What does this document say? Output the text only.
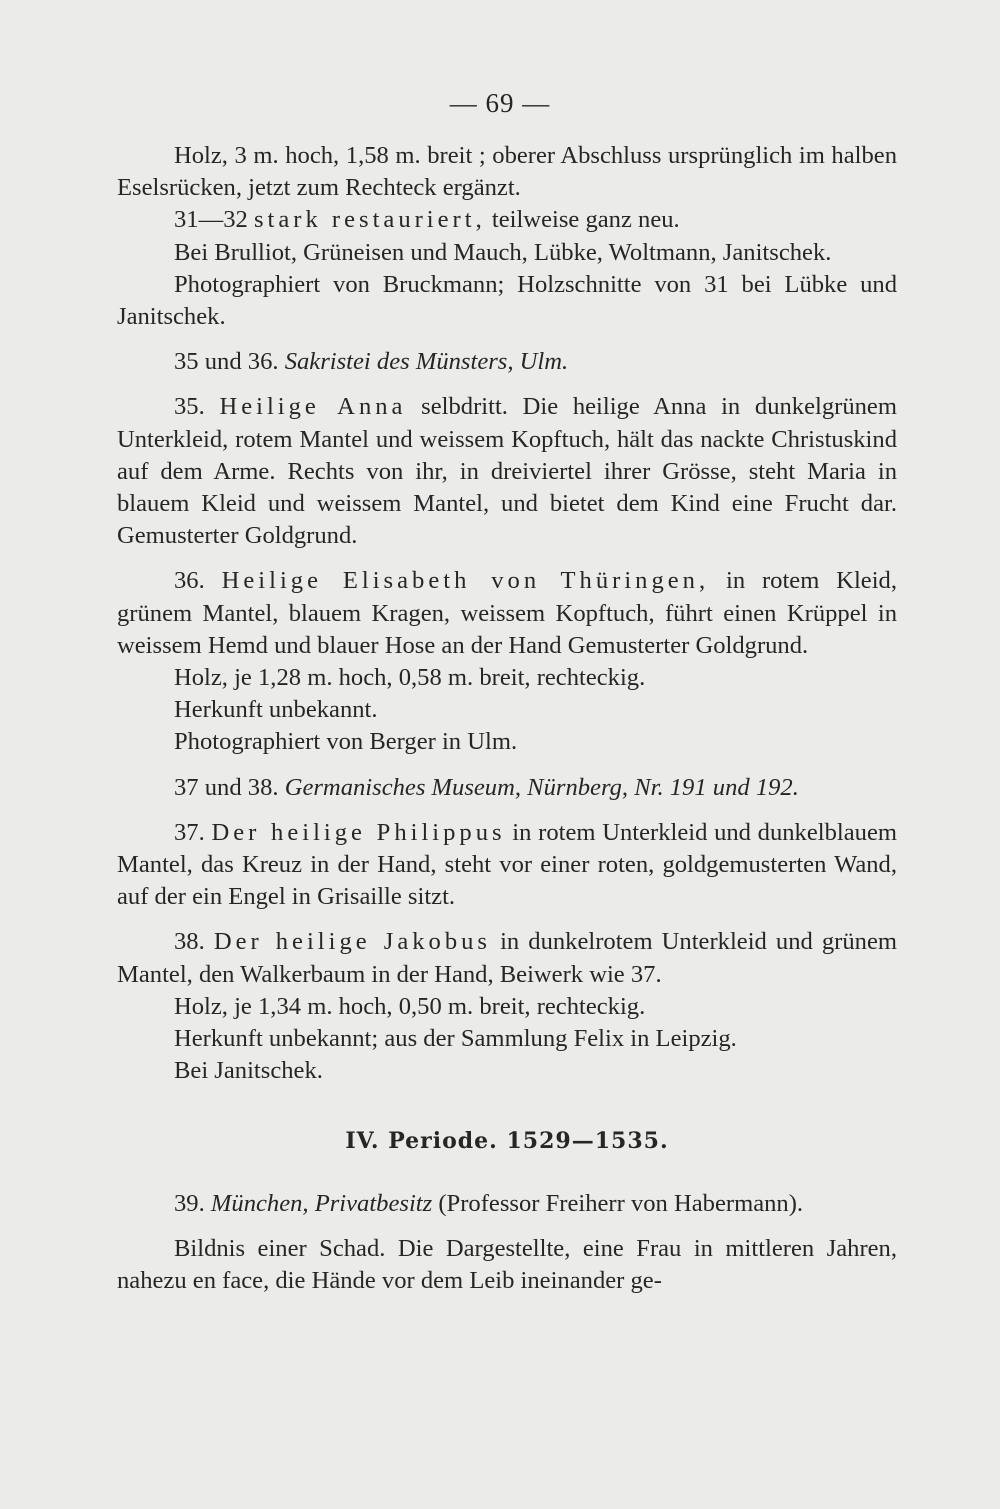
— 69 —

Holz, 3 m. hoch, 1,58 m. breit ; oberer Abschluss ursprünglich im halben Eselsrücken, jetzt zum Rechteck ergänzt.

31—32 stark restauriert, teilweise ganz neu.

Bei Brulliot, Grüneisen und Mauch, Lübke, Woltmann, Janitschek.

Photographiert von Bruckmann; Holzschnitte von 31 bei Lübke und Janitschek.

35 und 36. Sakristei des Münsters, Ulm.

35. Heilige Anna selbdritt. Die heilige Anna in dunkelgrünem Unterkleid, rotem Mantel und weissem Kopftuch, hält das nackte Christuskind auf dem Arme. Rechts von ihr, in dreiviertel ihrer Grösse, steht Maria in blauem Kleid und weissem Mantel, und bietet dem Kind eine Frucht dar. Gemusterter Goldgrund.

36. Heilige Elisabeth von Thüringen, in rotem Kleid, grünem Mantel, blauem Kragen, weissem Kopftuch, führt einen Krüppel in weissem Hemd und blauer Hose an der Hand Gemusterter Goldgrund.

Holz, je 1,28 m. hoch, 0,58 m. breit, rechteckig.

Herkunft unbekannt.

Photographiert von Berger in Ulm.

37 und 38. Germanisches Museum, Nürnberg, Nr. 191 und 192.

37. Der heilige Philippus in rotem Unterkleid und dunkelblauem Mantel, das Kreuz in der Hand, steht vor einer roten, goldgemusterten Wand, auf der ein Engel in Grisaille sitzt.

38. Der heilige Jakobus in dunkelrotem Unterkleid und grünem Mantel, den Walkerbaum in der Hand, Beiwerk wie 37.

Holz, je 1,34 m. hoch, 0,50 m. breit, rechteckig.

Herkunft unbekannt; aus der Sammlung Felix in Leipzig.

Bei Janitschek.

IV. Periode. 1529—1535.

39. München, Privatbesitz (Professor Freiherr von Habermann).

Bildnis einer Schad. Die Dargestellte, eine Frau in mittleren Jahren, nahezu en face, die Hände vor dem Leib ineinander ge-
